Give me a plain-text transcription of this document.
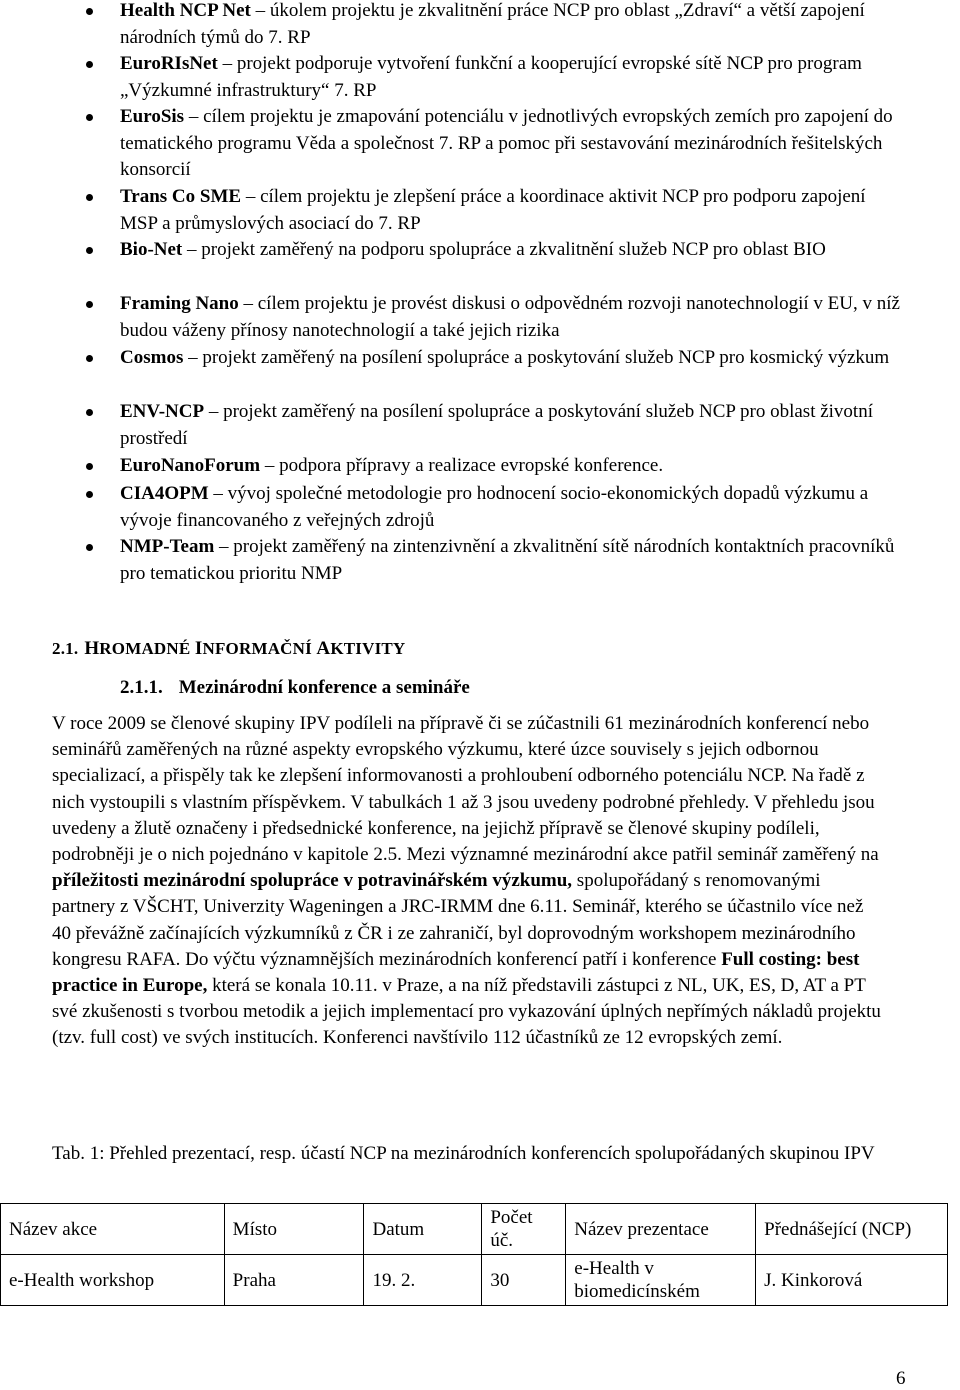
Health NCP Net – úkolem projektu je zkvalitnění práce NCP pro oblast „Zdraví“ a větší zapojení národních týmů do 7. RP
EuroRIsNet – projekt podporuje vytvoření funkční a kooperující evropské sítě NCP pro program „Výzkumné infrastruktury“ 7. RP
EuroSis – cílem projektu je zmapování potenciálu v jednotlivých evropských zemích pro zapojení do tematického programu Věda a společnost 7. RP a pomoc při sestavování mezinárodních řešitelských konsorcií
Trans Co SME – cílem projektu je zlepšení práce a koordinace aktivit NCP pro podporu zapojení MSP a průmyslových asociací do 7. RP
Bio-Net – projekt zaměřený na podporu spolupráce a zkvalitnění služeb NCP pro oblast BIO
Framing Nano – cílem projektu je provést diskusi o odpovědném rozvoji nanotechnologií v EU, v níž budou váženy přínosy nanotechnologií a také jejich rizika
Cosmos – projekt zaměřený na posílení spolupráce a poskytování služeb NCP pro kosmický výzkum
ENV-NCP – projekt zaměřený na posílení spolupráce a poskytování služeb NCP pro oblast životní prostředí
EuroNanoForum – podpora přípravy a realizace evropské konference.
CIA4OPM – vývoj společné metodologie pro hodnocení socio-ekonomických dopadů výzkumu a vývoje financovaného z veřejných zdrojů
NMP-Team – projekt zaměřený na zintenzivnění a zkvalitnění sítě národních kontaktních pracovníků pro tematickou prioritu NMP
2.1. HROMADNÉ INFORMAČNÍ AKTIVITY
2.1.1. Mezinárodní konference a semináře

V roce 2009 se členové skupiny IPV podíleli na přípravě či se zúčastnili 61 mezinárodních konferencí nebo seminářů zaměřených na různé aspekty evropského výzkumu, které úzce souvisely s jejich odbornou specializací, a přispěly tak ke zlepšení informovanosti a prohloubení odborného potenciálu NCP. Na řadě z nich vystoupili s vlastním příspěvkem. V tabulkách 1 až 3 jsou uvedeny podrobné přehledy. V přehledu jsou uvedeny a žlutě označeny i předsednické konference, na jejichž přípravě se členové skupiny podíleli, podrobněji je o nich pojednáno v kapitole 2.5. Mezi významné mezinárodní akce patřil seminář zaměřený na příležitosti mezinárodní spolupráce v potravinářském výzkumu, spolupořádaný s renomovanými partnery z VŠCHT, Univerzity Wageningen a JRC-IRMM dne 6.11. Seminář, kterého se účastnilo více než 40 převážně začínajících výzkumníků z ČR i ze zahraničí, byl doprovodným workshopem mezinárodního kongresu RAFA. Do výčtu významnějších mezinárodních konferencí patří i konference Full costing: best practice in Europe, která se konala 10.11. v Praze, a na níž představili zástupci z NL, UK, ES, D, AT a PT své zkušenosti s tvorbou metodik a jejich implementací pro vykazování úplných nepřímých nákladů projektu (tzv. full cost) ve svých institucích. Konferenci navštívilo 112 účastníků ze 12 evropských zemí.

Tab. 1: Přehled prezentací, resp. účastí NCP na mezinárodních konferencích spolupořádaných skupinou IPV
Název akce	Místo	Datum	Počet úč.	Název prezentace	Přednášející (NCP)
e-Health workshop	Praha	19. 2.	30	e-Health v biomedicínském	J. Kinkorová
6
